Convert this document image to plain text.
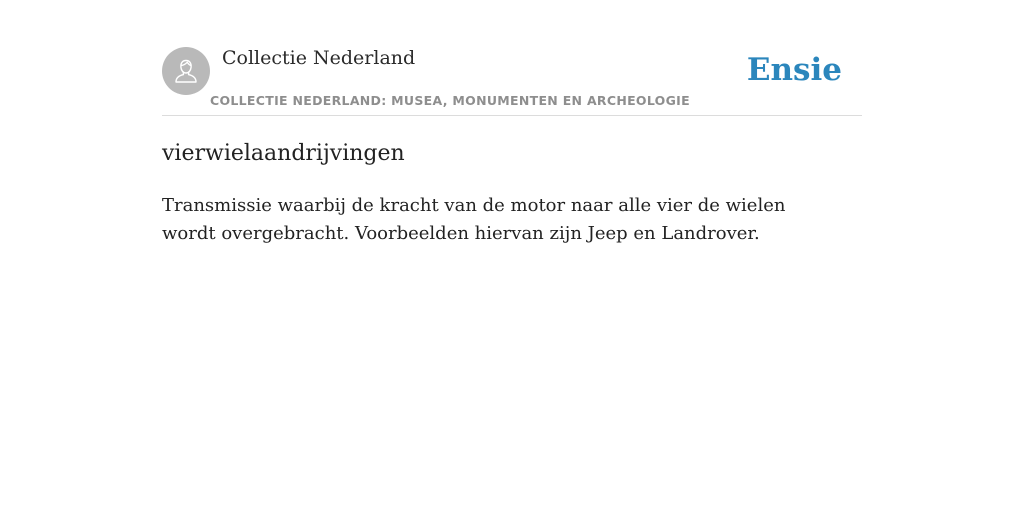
Collectie Nederland
COLLECTIE NEDERLAND: MUSEA, MONUMENTEN EN ARCHEOLOGIE
Ensie
vierwielaandrijvingen

Transmissie waarbij de kracht van de motor naar alle vier de wielen wordt overgebracht. Voorbeelden hiervan zijn Jeep en Landrover.
